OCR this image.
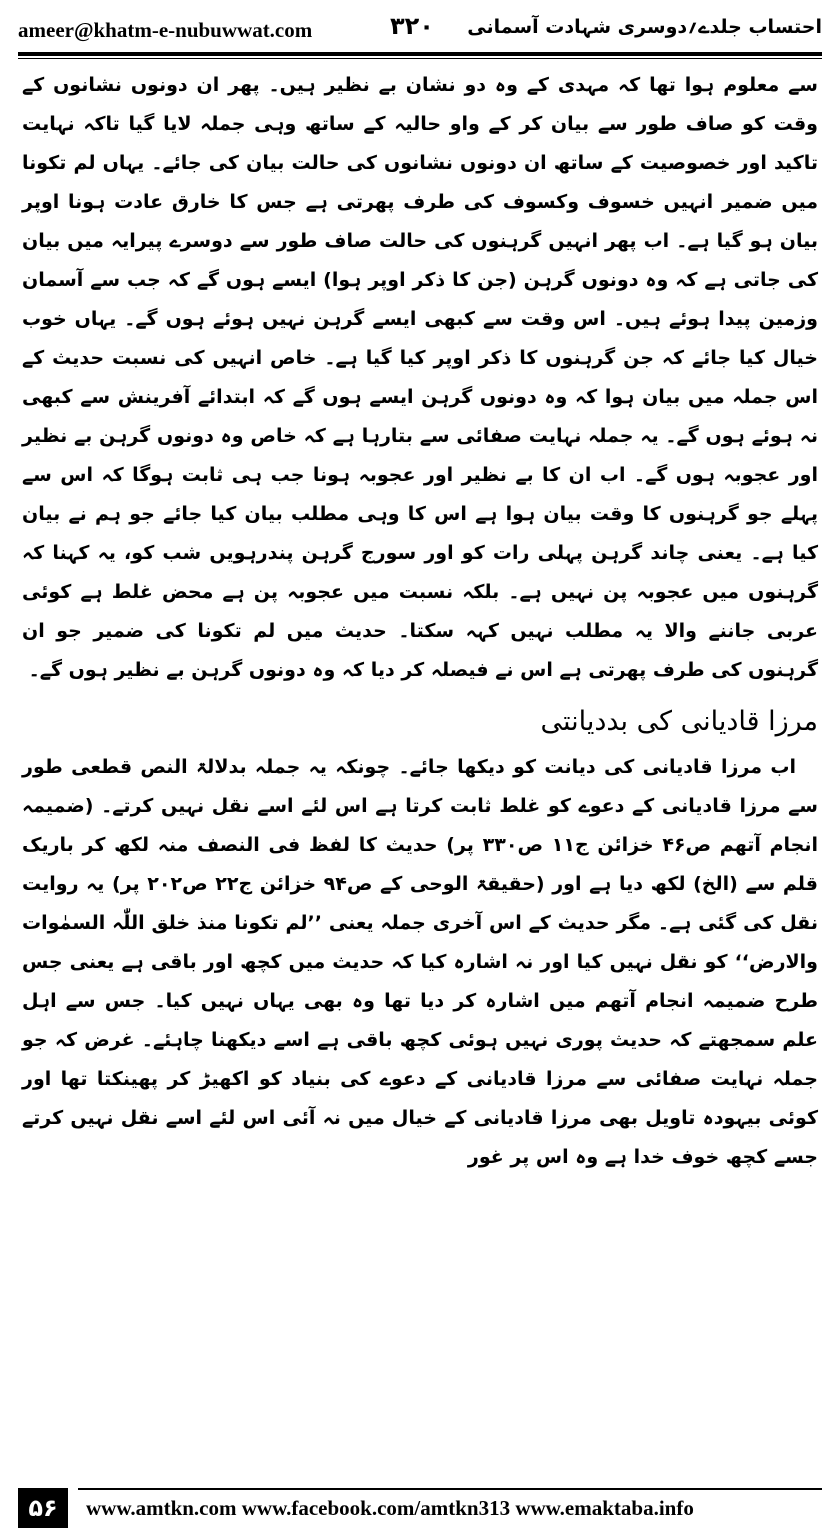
ameer@khatm-e-nubuwwat.com	۳۲۰ احتساب جلدے؍دوسری شہادت آسمانی

سے معلوم ہوا تھا کہ مہدی کے وہ دو نشان بے نظیر ہیں۔ پھر ان دونوں نشانوں کے وقت کو صاف طور سے بیان کر کے واو حالیہ کے ساتھ وہی جملہ لایا گیا تاکہ نہایت تاکید اور خصوصیت کے ساتھ ان دونوں نشانوں کی حالت بیان کی جائے۔ یہاں لم تکونا میں ضمیر انہیں خسوف وکسوف کی طرف پھرتی ہے جس کا خارق عادت ہونا اوپر بیان ہو گیا ہے۔ اب پھر انہیں گرہنوں کی حالت صاف طور سے دوسرے پیرایہ میں بیان کی جاتی ہے کہ وہ دونوں گرہن (جن کا ذکر اوپر ہوا) ایسے ہوں گے کہ جب سے آسمان وزمین پیدا ہوئے ہیں۔ اس وقت سے کبھی ایسے گرہن نہیں ہوئے ہوں گے۔ یہاں خوب خیال کیا جائے کہ جن گرہنوں کا ذکر اوپر کیا گیا ہے۔ خاص انہیں کی نسبت حدیث کے اس جملہ میں بیان ہوا کہ وہ دونوں گرہن ایسے ہوں گے کہ ابتدائے آفرینش سے کبھی نہ ہوئے ہوں گے۔ یہ جملہ نہایت صفائی سے بتارہا ہے کہ خاص وہ دونوں گرہن بے نظیر اور عجوبہ ہوں گے۔ اب ان کا بے نظیر اور عجوبہ ہونا جب ہی ثابت ہوگا کہ اس سے پہلے جو گرہنوں کا وقت بیان ہوا ہے اس کا وہی مطلب بیان کیا جائے جو ہم نے بیان کیا ہے۔ یعنی چاند گرہن پہلی رات کو اور سورج گرہن پندرہویں شب کو، یہ کہنا کہ گرہنوں میں عجوبہ پن نہیں ہے۔ بلکہ نسبت میں عجوبہ پن ہے محض غلط ہے کوئی عربی جاننے والا یہ مطلب نہیں کہہ سکتا۔ حدیث میں لم تکونا کی ضمیر جو ان گرہنوں کی طرف پھرتی ہے اس نے فیصلہ کر دیا کہ وہ دونوں گرہن بے نظیر ہوں گے۔

مرزا قادیانی کی بددیانتی

اب مرزا قادیانی کی دیانت کو دیکھا جائے۔ چونکہ یہ جملہ بدلالۃ النص قطعی طور سے مرزا قادیانی کے دعوے کو غلط ثابت کرتا ہے اس لئے اسے نقل نہیں کرتے۔ (ضمیمہ انجام آتھم ص۴۶ خزائن ج۱۱ ص۳۳۰ پر) حدیث کا لفظ فی النصف منہ لکھ کر باریک قلم سے (الخ) لکھ دیا ہے اور (حقیقۃ الوحی کے ص۹۴ خزائن ج۲۲ ص۲۰۲ پر) یہ روایت نقل کی گئی ہے۔ مگر حدیث کے اس آخری جملہ یعنی ’’لم تکونا منذ خلق اللّٰہ السمٰوات والارض‘‘ کو نقل نہیں کیا اور نہ اشارہ کیا کہ حدیث میں کچھ اور باقی ہے یعنی جس طرح ضمیمہ انجام آتھم میں اشارہ کر دیا تھا وہ بھی یہاں نہیں کیا۔ جس سے اہل علم سمجھتے کہ حدیث پوری نہیں ہوئی کچھ باقی ہے اسے دیکھنا چاہئے۔ غرض کہ جو جملہ نہایت صفائی سے مرزا قادیانی کے دعوے کی بنیاد کو اکھیڑ کر پھینکتا تھا اور کوئی بیہودہ تاویل بھی مرزا قادیانی کے خیال میں نہ آئی اس لئے اسے نقل نہیں کرتے جسے کچھ خوف خدا ہے وہ اس پر غور

۵۶	www.amtkn.com www.facebook.com/amtkn313 www.emaktaba.info
